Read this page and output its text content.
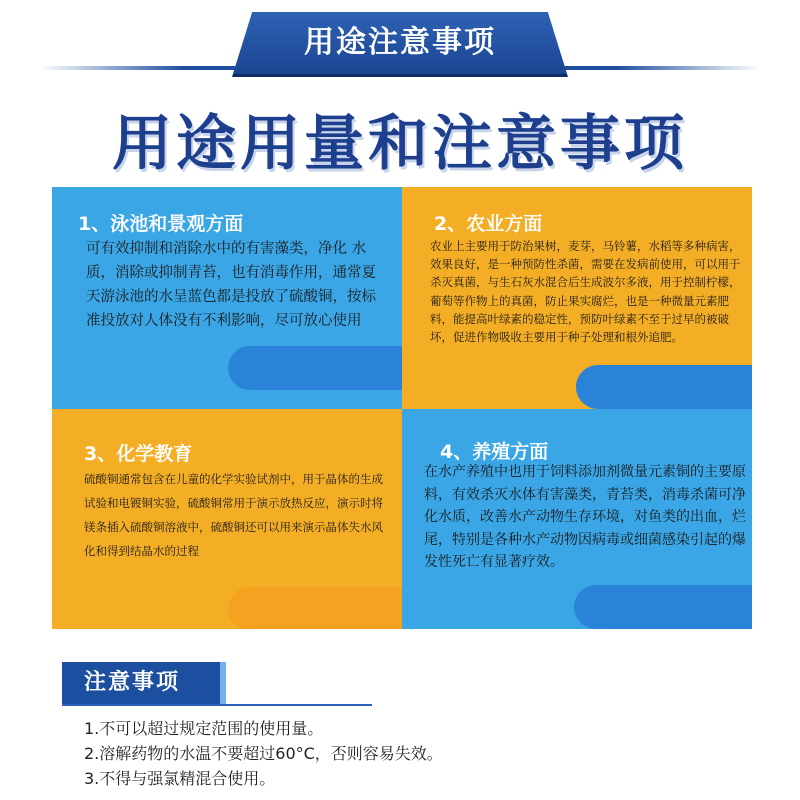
用途注意事项
用途用量和注意事项
1、泳池和景观方面
可有效抑制和消除水中的有害藻类，净化 水质，消除或抑制青苔，也有消毒作用，通常夏天游泳池的水呈蓝色都是投放了硫酸铜，按标准投放对人体没有不利影响，尽可放心使用
2、农业方面
农业上主要用于防治果树，麦芽，马铃薯，水稻等多种病害，效果良好，是一种预防性杀菌，需要在发病前使用，可以用于杀灭真菌，与生石灰水混合后生成波尔多液，用于控制柠檬，葡萄等作物上的真菌，防止果实腐烂，也是一种微量元素肥料，能提高叶绿素的稳定性，预防叶绿素不至于过早的被破坏，促进作物吸收主要用于种子处理和根外追肥。
3、化学教育
硫酸铜通常包含在儿童的化学实验试剂中，用于晶体的生成试验和电镀铜实验，硫酸铜常用于演示放热反应，演示时将镁条插入硫酸铜溶液中，硫酸铜还可以用来演示晶体失水风化和得到结晶水的过程
4、养殖方面
在水产养殖中也用于饲料添加剂微量元素铜的主要原料，有效杀灭水体有害藻类，青苔类，消毒杀菌可净化水质，改善水产动物生存环境，对鱼类的出血，烂尾，特别是各种水产动物因病毒或细菌感染引起的爆发性死亡有显著疗效。
注意事项
1.不可以超过规定范围的使用量。
2.溶解药物的水温不要超过60°C，否则容易失效。
3.不得与强氯精混合使用。
